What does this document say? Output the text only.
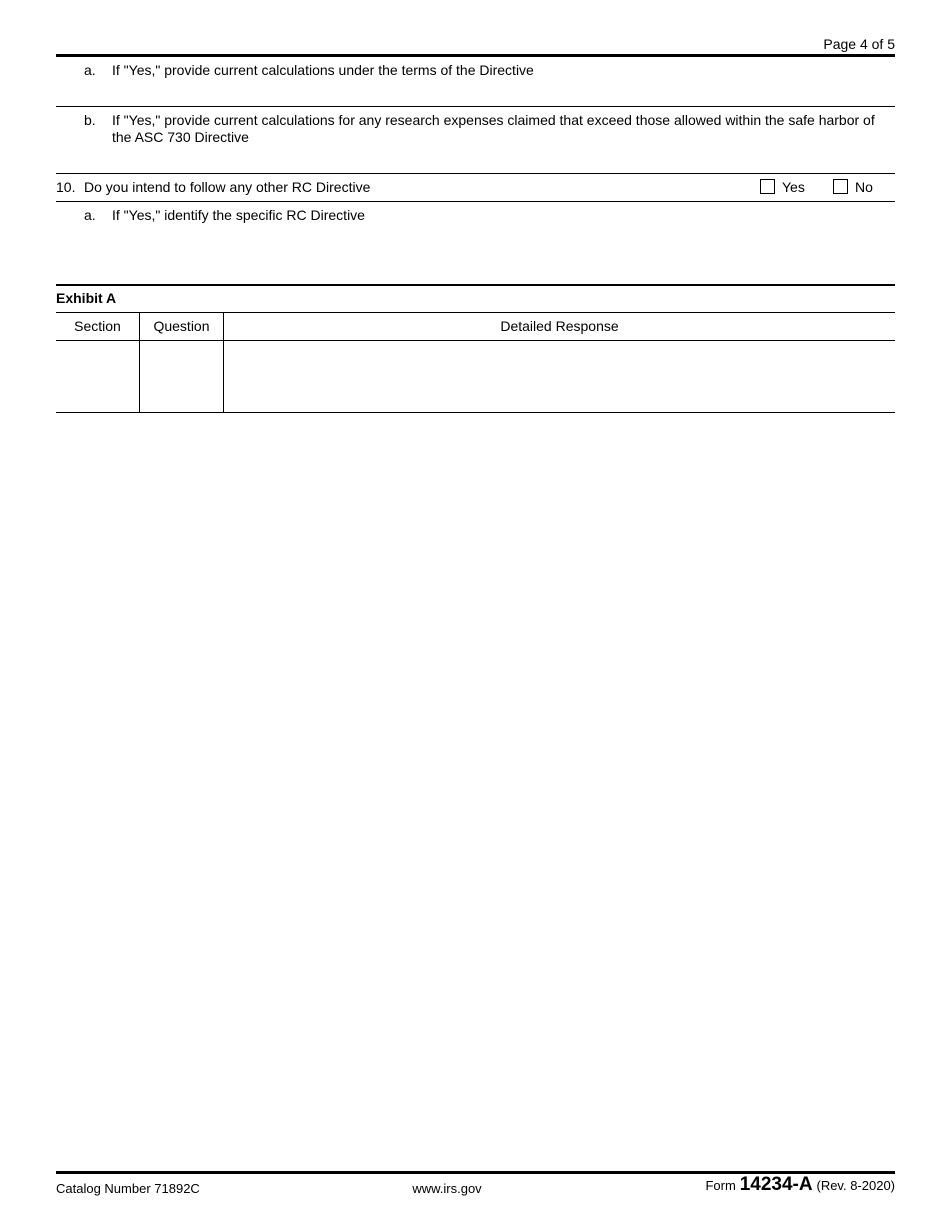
Page 4 of 5
a. If "Yes," provide current calculations under the terms of the Directive
b. If "Yes," provide current calculations for any research expenses claimed that exceed those allowed within the safe harbor of
the ASC 730 Directive
10. Do you intend to follow any other RC Directive	Yes	No
a. If "Yes," identify the specific RC Directive
Exhibit A
Section	Question	Detailed Response
Catalog Number 71892C	www.irs.gov	Form 14234-A (Rev. 8-2020)
